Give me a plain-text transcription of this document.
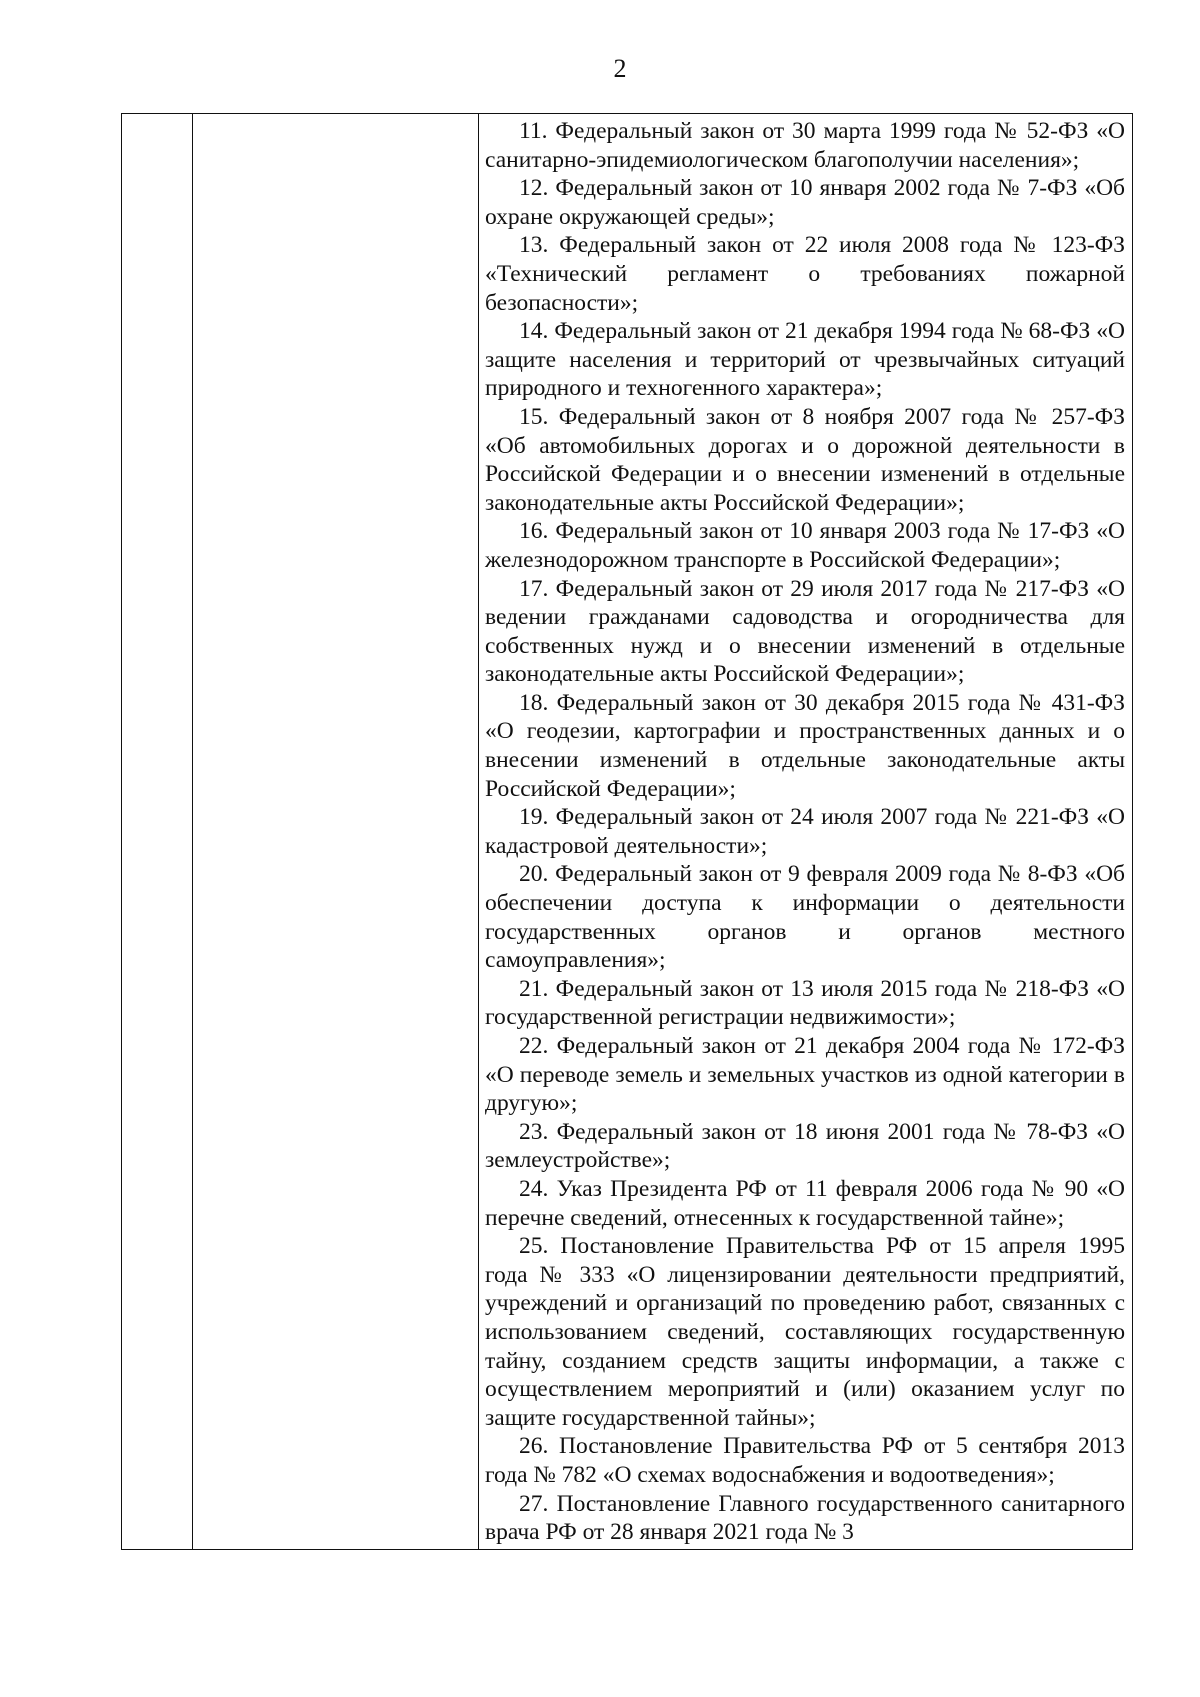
2

11. Федеральный закон от 30 марта 1999 года № 52-ФЗ «О санитарно-эпидемиологическом благополучии населения»;

12. Федеральный закон от 10 января 2002 года № 7-ФЗ «Об охране окружающей среды»;

13. Федеральный закон от 22 июля 2008 года № 123-ФЗ «Технический регламент о требованиях пожарной безопасности»;

14. Федеральный закон от 21 декабря 1994 года № 68-ФЗ «О защите населения и территорий от чрезвычайных ситуаций природного и техногенного характера»;

15. Федеральный закон от 8 ноября 2007 года № 257-ФЗ «Об автомобильных дорогах и о дорожной деятельности в Российской Федерации и о внесении изменений в отдельные законодательные акты Российской Федерации»;

16. Федеральный закон от 10 января 2003 года № 17-ФЗ «О железнодорожном транспорте в Российской Федерации»;

17. Федеральный закон от 29 июля 2017 года № 217-ФЗ «О ведении гражданами садоводства и огородничества для собственных нужд и о внесении изменений в отдельные законодательные акты Российской Федерации»;

18. Федеральный закон от 30 декабря 2015 года № 431-ФЗ «О геодезии, картографии и пространственных данных и о внесении изменений в отдельные законодательные акты Российской Федерации»;

19. Федеральный закон от 24 июля 2007 года № 221-ФЗ «О кадастровой деятельности»;

20. Федеральный закон от 9 февраля 2009 года № 8-ФЗ «Об обеспечении доступа к информации о деятельности государственных органов и органов местного самоуправления»;

21. Федеральный закон от 13 июля 2015 года № 218-ФЗ «О государственной регистрации недвижимости»;

22. Федеральный закон от 21 декабря 2004 года № 172-ФЗ «О переводе земель и земельных участков из одной категории в другую»;

23. Федеральный закон от 18 июня 2001 года № 78-ФЗ «О землеустройстве»;

24. Указ Президента РФ от 11 февраля 2006 года № 90 «О перечне сведений, отнесенных к государственной тайне»;

25. Постановление Правительства РФ от 15 апреля 1995 года № 333 «О лицензировании деятельности предприятий, учреждений и организаций по проведению работ, связанных с использованием сведений, составляющих государственную тайну, созданием средств защиты информации, а также с осуществлением мероприятий и (или) оказанием услуг по защите государственной тайны»;

26. Постановление Правительства РФ от 5 сентября 2013 года № 782 «О схемах водоснабжения и водоотведения»;

27. Постановление Главного государственного санитарного врача РФ от 28 января 2021 года № 3
